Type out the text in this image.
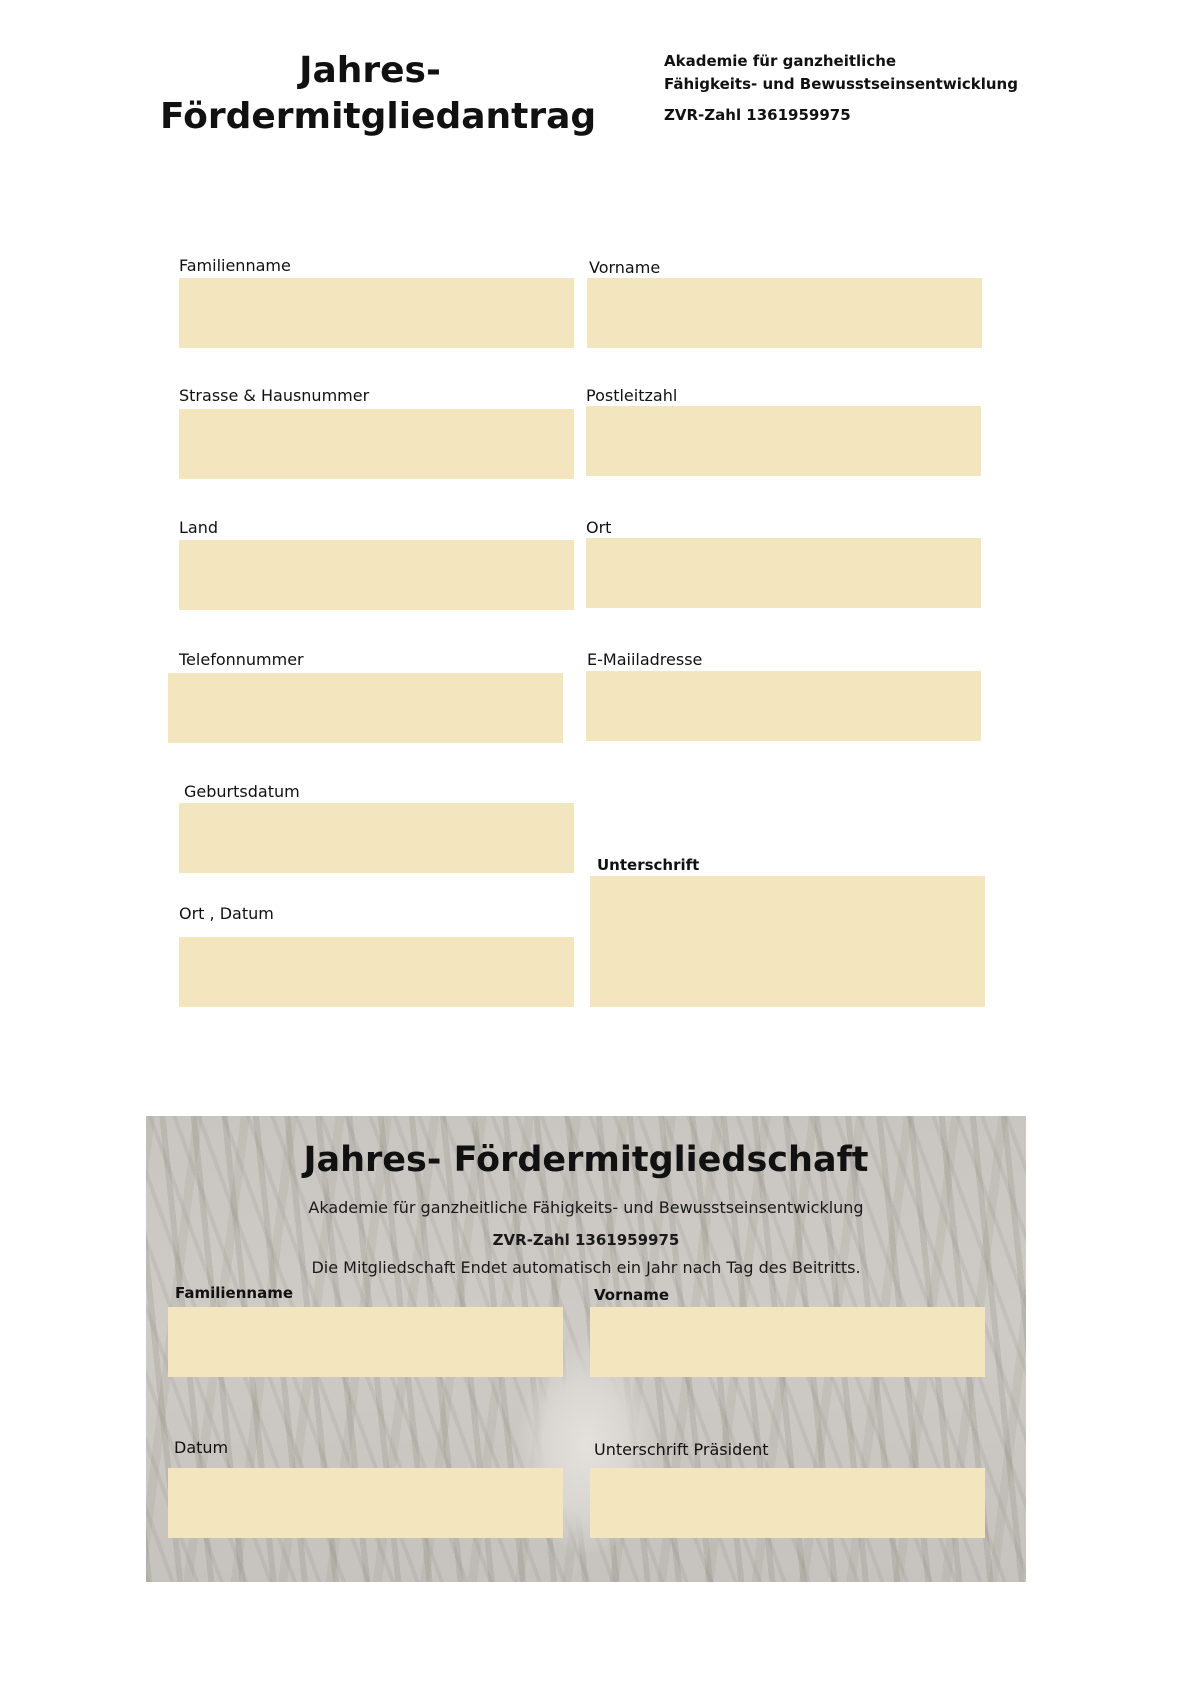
Jahres- Fördermitgliedantrag
Akademie für ganzheitliche
Fähigkeits- und Bewusstseinsentwicklung
ZVR-Zahl 1361959975
Familienname	Vorname
Strasse & Hausnummer	Postleitzahl
Land	Ort
Telefonnummer	E-Maiiladresse
Geburtsdatum
Unterschrift
Ort , Datum
Jahres- Fördermitgliedschaft
Akademie für ganzheitliche Fähigkeits- und Bewusstseinsentwicklung
ZVR-Zahl 1361959975
Die Mitgliedschaft Endet automatisch ein Jahr nach Tag des Beitritts.
Familienname	Vorname
Datum	Unterschrift Präsident
